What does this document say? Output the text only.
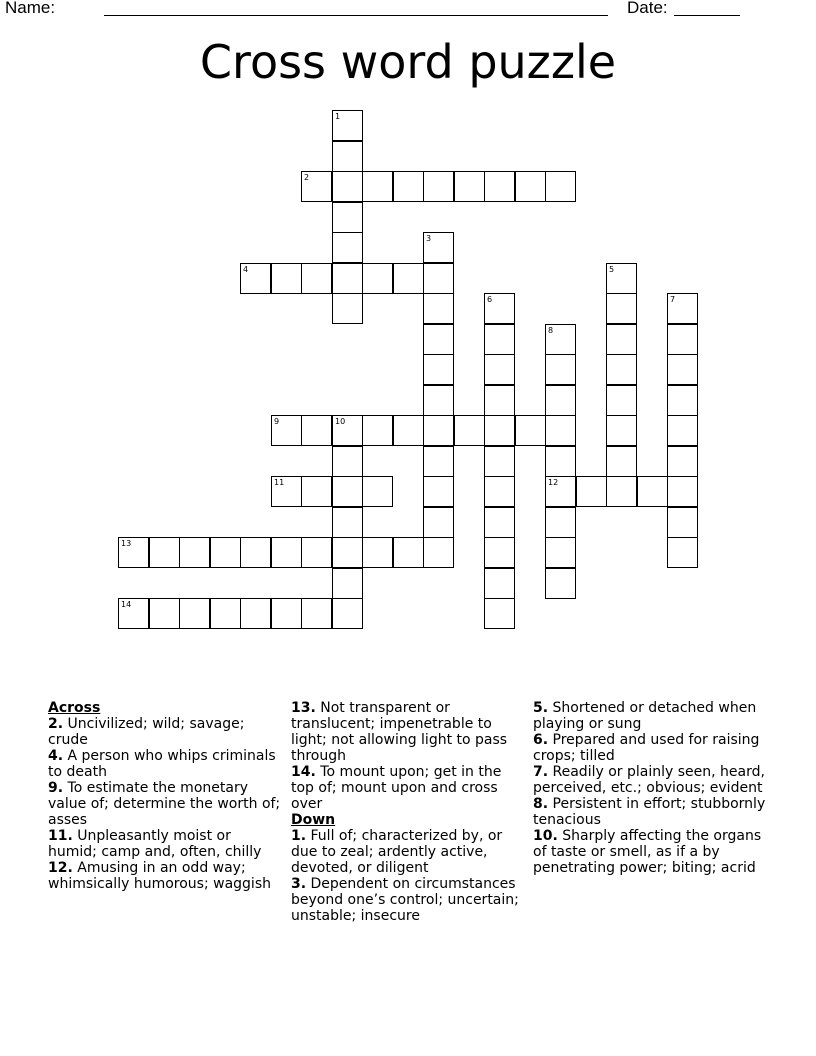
Name:	Date:
Cross word puzzle
2
4
9	10
11	12
13
14
1
3
5
6	7
8
Across
2. Uncivilized; wild; savage; crude
4. A person who whips criminals to death
9. To estimate the monetary value of; determine the worth of; asses
11. Unpleasantly moist or humid; camp and, often, chilly
12. Amusing in an odd way; whimsically humorous; waggish
13. Not transparent or translucent; impenetrable to light; not allowing light to pass through
14. To mount upon; get in the top of; mount upon and cross over
Down
1. Full of; characterized by, or due to zeal; ardently active, devoted, or diligent
3. Dependent on circumstances beyond one’s control; uncertain; unstable; insecure
5. Shortened or detached when playing or sung
6. Prepared and used for raising crops; tilled
7. Readily or plainly seen, heard, perceived, etc.; obvious; evident
8. Persistent in effort; stubbornly tenacious
10. Sharply affecting the organs of taste or smell, as if a by penetrating power; biting; acrid
